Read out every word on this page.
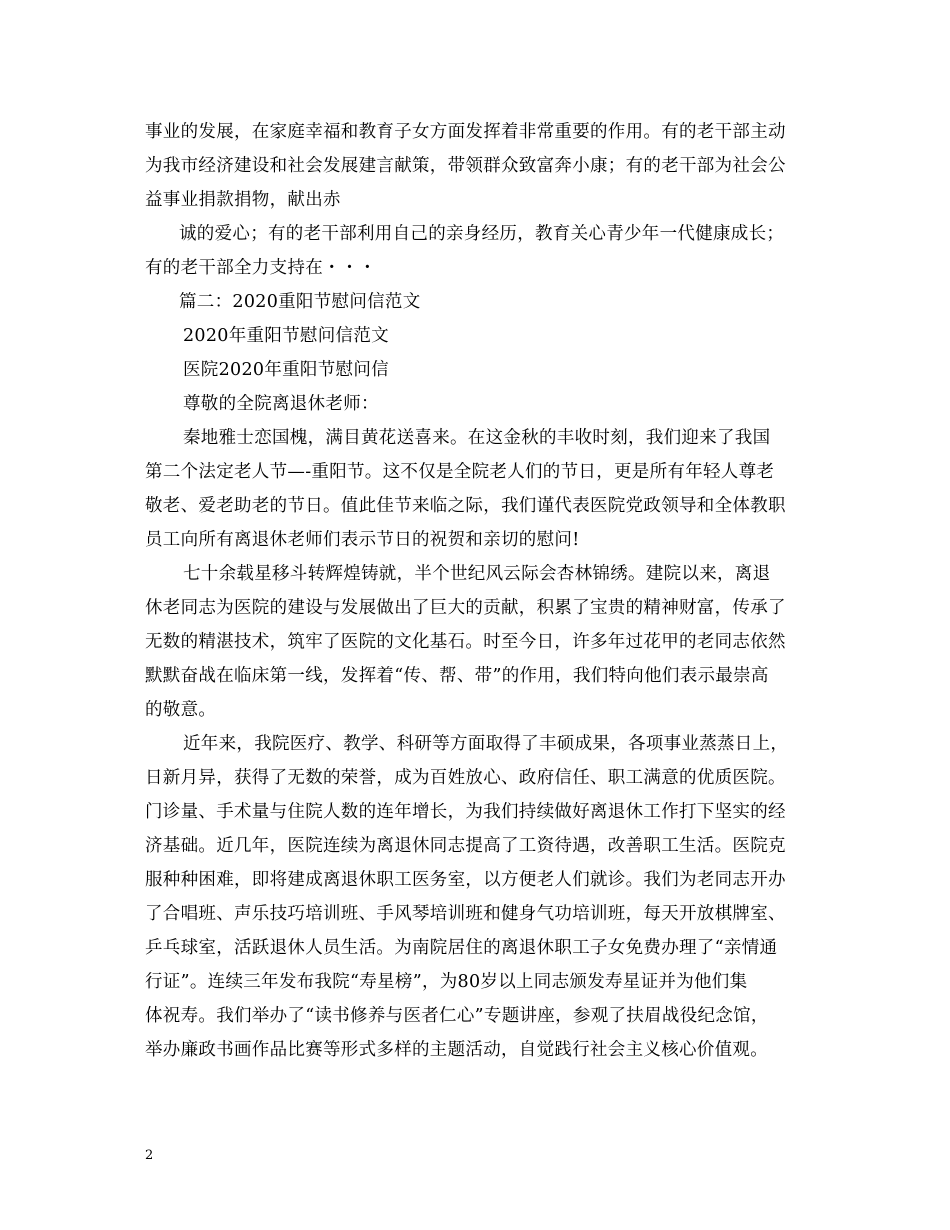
事业的发展，在家庭幸福和教育子女方面发挥着非常重要的作用。有的老干部主动
为我市经济建设和社会发展建言献策，带领群众致富奔小康；有的老干部为社会公
益事业捐款捐物，献出赤
诚的爱心；有的老干部利用自己的亲身经历，教育关心青少年一代健康成长；
有的老干部全力支持在・・・
篇二：2020重阳节慰问信范文
2020年重阳节慰问信范文
医院2020年重阳节慰问信
尊敬的全院离退休老师：
秦地雅士恋国槐，满目黄花送喜来。在这金秋的丰收时刻，我们迎来了我国
第二个法定老人节—-重阳节。这不仅是全院老人们的节日，更是所有年轻人尊老
敬老、爱老助老的节日。值此佳节来临之际，我们谨代表医院党政领导和全体教职
员工向所有离退休老师们表示节日的祝贺和亲切的慰问!
七十余载星移斗转辉煌铸就，半个世纪风云际会杏林锦绣。建院以来，离退
休老同志为医院的建设与发展做出了巨大的贡献，积累了宝贵的精神财富，传承了
无数的精湛技术，筑牢了医院的文化基石。时至今日，许多年过花甲的老同志依然
默默奋战在临床第一线，发挥着“传、帮、带”的作用，我们特向他们表示最崇高
的敬意。
近年来，我院医疗、教学、科研等方面取得了丰硕成果，各项事业蒸蒸日上，
日新月异，获得了无数的荣誉，成为百姓放心、政府信任、职工满意的优质医院。
门诊量、手术量与住院人数的连年增长，为我们持续做好离退休工作打下坚实的经
济基础。近几年，医院连续为离退休同志提高了工资待遇，改善职工生活。医院克
服种种困难，即将建成离退休职工医务室，以方便老人们就诊。我们为老同志开办
了合唱班、声乐技巧培训班、手风琴培训班和健身气功培训班，每天开放棋牌室、
乒乓球室，活跃退休人员生活。为南院居住的离退休职工子女免费办理了“亲情通
行证”。连续三年发布我院“寿星榜”，为80岁以上同志颁发寿星证并为他们集
体祝寿。我们举办了“读书修养与医者仁心”专题讲座，参观了扶眉战役纪念馆，
举办廉政书画作品比赛等形式多样的主题活动，自觉践行社会主义核心价值观。
2
